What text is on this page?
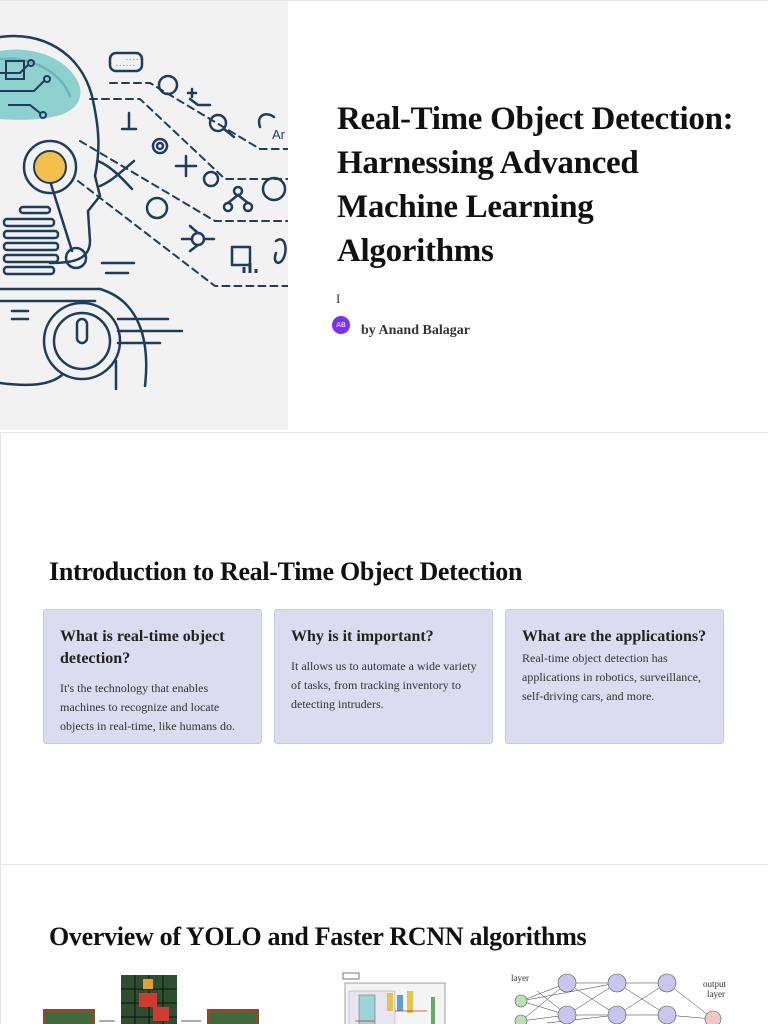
- - - - -
- - - - - -
Ar Real-Time Object Detection: Harnessing Advanced Machine Learning Algorithms
I
AB	by Anand Balagar
Introduction to Real-Time Object Detection
What is real-time object detection?

It's the technology that enables machines to recognize and locate objects in real-time, like humans do.

Why is it important?

It allows us to automate a wide variety of tasks, from tracking inventory to detecting intruders.

What are the applications?

Real-time object detection has applications in robotics, surveillance, self-driving cars, and more.

Overview of YOLO and Faster RCNN algorithms
layer
output
layer
